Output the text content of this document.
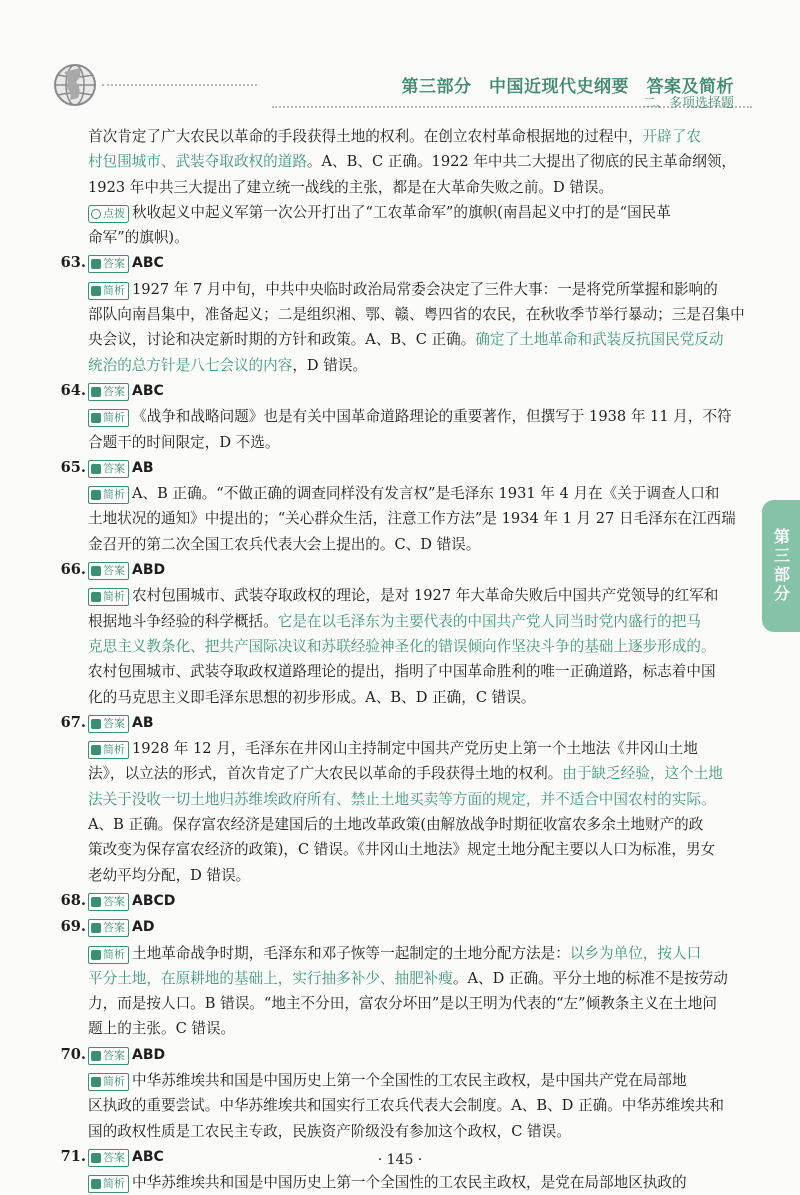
第三部分　中国近现代史纲要　答案及简析
二、多项选择题

首次肯定了广大农民以革命的手段获得土地的权利。在创立农村革命根据地的过程中，开辟了农

村包围城市、武装夺取政权的道路。A、B、C 正确。1922 年中共二大提出了彻底的民主革命纲领，

1923 年中共三大提出了建立统一战线的主张，都是在大革命失败之前。D 错误。

点拨 秋收起义中起义军第一次公开打出了“工农革命军”的旗帜(南昌起义中打的是“国民革

命军”的旗帜)。

63. 答案 ABC

简析 1927 年 7 月中旬，中共中央临时政治局常委会决定了三件大事：一是将党所掌握和影响的

部队向南昌集中，准备起义；二是组织湘、鄂、赣、粤四省的农民，在秋收季节举行暴动；三是召集中

央会议，讨论和决定新时期的方针和政策。A、B、C 正确。确定了土地革命和武装反抗国民党反动

统治的总方针是八七会议的内容，D 错误。

64. 答案 ABC

简析 《战争和战略问题》也是有关中国革命道路理论的重要著作，但撰写于 1938 年 11 月，不符

合题干的时间限定，D 不选。

65. 答案 AB

简析 A、B 正确。“不做正确的调查同样没有发言权”是毛泽东 1931 年 4 月在《关于调查人口和

土地状况的通知》中提出的；“关心群众生活，注意工作方法”是 1934 年 1 月 27 日毛泽东在江西瑞

金召开的第二次全国工农兵代表大会上提出的。C、D 错误。

66. 答案 ABD

简析 农村包围城市、武装夺取政权的理论，是对 1927 年大革命失败后中国共产党领导的红军和

根据地斗争经验的科学概括。它是在以毛泽东为主要代表的中国共产党人同当时党内盛行的把马

克思主义教条化、把共产国际决议和苏联经验神圣化的错误倾向作坚决斗争的基础上逐步形成的。

农村包围城市、武装夺取政权道路理论的提出，指明了中国革命胜利的唯一正确道路，标志着中国

化的马克思主义即毛泽东思想的初步形成。A、B、D 正确，C 错误。

67. 答案 AB

简析 1928 年 12 月，毛泽东在井冈山主持制定中国共产党历史上第一个土地法《井冈山土地

法》，以立法的形式，首次肯定了广大农民以革命的手段获得土地的权利。由于缺乏经验，这个土地

法关于没收一切土地归苏维埃政府所有、禁止土地买卖等方面的规定，并不适合中国农村的实际。

A、B 正确。保存富农经济是建国后的土地改革政策(由解放战争时期征收富农多余土地财产的政

策改变为保存富农经济的政策)，C 错误。《井冈山土地法》规定土地分配主要以人口为标准，男女

老幼平均分配，D 错误。

68. 答案 ABCD

69. 答案 AD

简析 土地革命战争时期，毛泽东和邓子恢等一起制定的土地分配方法是：以乡为单位，按人口

平分土地，在原耕地的基础上，实行抽多补少、抽肥补瘦。A、D 正确。平分土地的标准不是按劳动

力，而是按人口。B 错误。“地主不分田，富农分坏田”是以王明为代表的“左”倾教条主义在土地问

题上的主张。C 错误。

70. 答案 ABD

简析 中华苏维埃共和国是中国历史上第一个全国性的工农民主政权，是中国共产党在局部地

区执政的重要尝试。中华苏维埃共和国实行工农兵代表大会制度。A、B、D 正确。中华苏维埃共和

国的政权性质是工农民主专政，民族资产阶级没有参加这个政权，C 错误。

71. 答案 ABC

简析 中华苏维埃共和国是中国历史上第一个全国性的工农民主政权，是党在局部地区执政的

第三部分
· 145 ·
